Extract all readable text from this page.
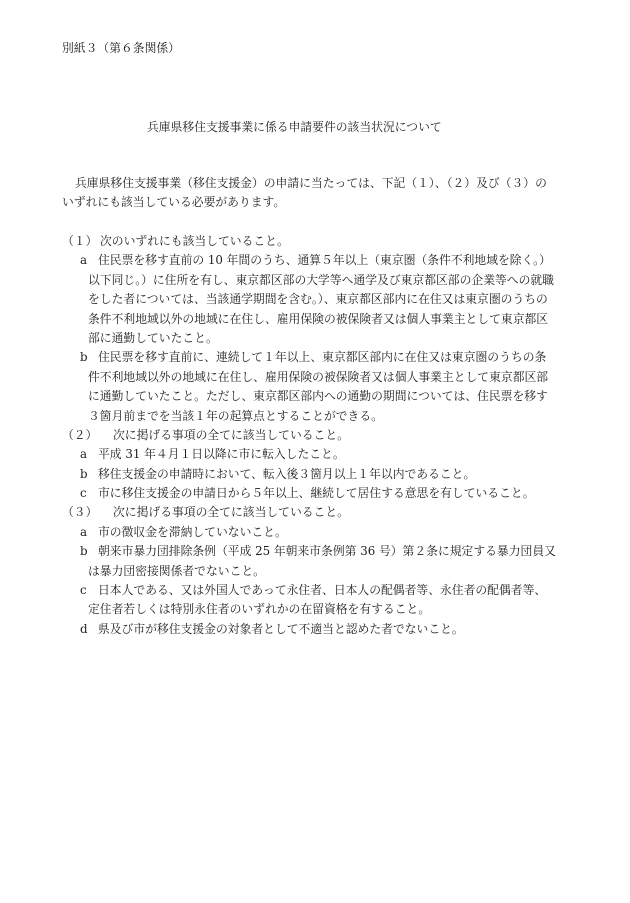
別紙３（第６条関係）
兵庫県移住支援事業に係る申請要件の該当状況について
兵庫県移住支援事業（移住支援金）の申請に当たっては、下記（１）、（２）及び（３）の
いずれにも該当している必要があります。
（１） 次のいずれにも該当していること。
a 住民票を移す直前の 10 年間のうち、通算５年以上（東京圏（条件不利地域を除く。）
以下同じ。）に住所を有し、東京都区部の大学等へ通学及び東京都区部の企業等への就職
をした者については、当該通学期間を含む。）、東京都区部内に在住又は東京圏のうちの
条件不利地域以外の地域に在住し、雇用保険の被保険者又は個人事業主として東京都区
部に通勤していたこと。
b 住民票を移す直前に、連続して１年以上、東京都区部内に在住又は東京圏のうちの条
件不利地域以外の地域に在住し、雇用保険の被保険者又は個人事業主として東京都区部
に通勤していたこと。ただし、東京都区部内への通勤の期間については、住民票を移す
３箇月前までを当該１年の起算点とすることができる。
（２） 次に掲げる事項の全てに該当していること。
a 平成 31 年４月１日以降に市に転入したこと。
b 移住支援金の申請時において、転入後３箇月以上１年以内であること。
c 市に移住支援金の申請日から５年以上、継続して居住する意思を有していること。
（３） 次に掲げる事項の全てに該当していること。
a 市の徴収金を滞納していないこと。
b 朝来市暴力団排除条例（平成 25 年朝来市条例第 36 号）第２条に規定する暴力団員又
は暴力団密接関係者でないこと。
c 日本人である、又は外国人であって永住者、日本人の配偶者等、永住者の配偶者等、
定住者若しくは特別永住者のいずれかの在留資格を有すること。
d 県及び市が移住支援金の対象者として不適当と認めた者でないこと。
